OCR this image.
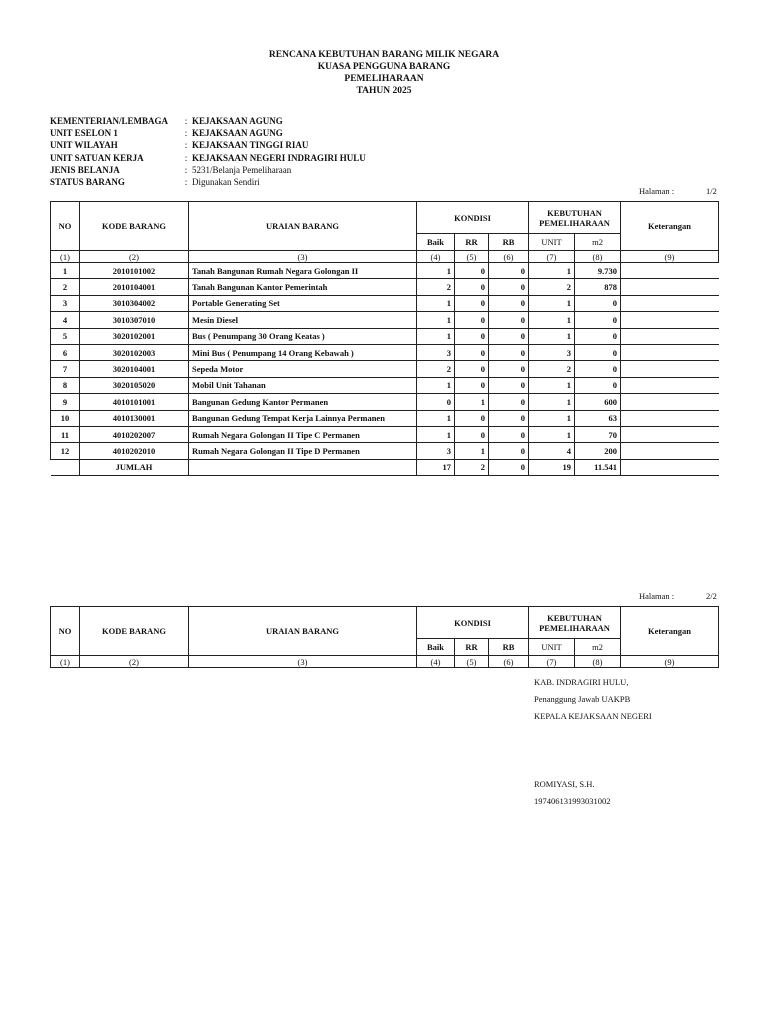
RENCANA KEBUTUHAN BARANG MILIK NEGARA
KUASA PENGGUNA BARANG
PEMELIHARAAN
TAHUN 2025
KEMENTERIAN/LEMBAGA	: KEJAKSAAN AGUNG
UNIT ESELON 1	: KEJAKSAAN AGUNG
UNIT WILAYAH	: KEJAKSAAN TINGGI RIAU
UNIT SATUAN KERJA	: KEJAKSAAN NEGERI INDRAGIRI HULU
JENIS BELANJA	: 5231/Belanja Pemeliharaan
STATUS BARANG	: Digunakan Sendiri
Halaman :	1/2
NO	KODE BARANG	URAIAN BARANG	KONDISI			KEBUTUHAN
PEMELIHARAAN		Keterangan
			Baik	RR	RB	UNIT	m2	
(1)	(2)	(3)	(4)	(5)	(6)	(7)	(8)	(9)
1	2010101002	Tanah Bangunan Rumah Negara Golongan II	1	0	0	1	9.730	
2	2010104001	Tanah Bangunan Kantor Pemerintah	2	0	0	2	878	
3	3010304002	Portable Generating Set	1	0	0	1	0	
4	3010307010	Mesin Diesel	1	0	0	1	0	
5	3020102001	Bus ( Penumpang 30 Orang Keatas )	1	0	0	1	0	
6	3020102003	Mini Bus ( Penumpang 14 Orang Kebawah )	3	0	0	3	0	
7	3020104001	Sepeda Motor	2	0	0	2	0	
8	3020105020	Mobil Unit Tahanan	1	0	0	1	0	
9	4010101001	Bangunan Gedung Kantor Permanen	0	1	0	1	600	
10	4010130001	Bangunan Gedung Tempat Kerja Lainnya Permanen	1	0	0	1	63	
11	4010202007	Rumah Negara Golongan II Tipe C Permanen	1	0	0	1	70	
12	4010202010	Rumah Negara Golongan II Tipe D Permanen	3	1	0	4	200	
	JUMLAH		17	2	0	19	11.541	
Halaman :	2/2
NO	KODE BARANG	URAIAN BARANG	KONDISI			KEBUTUHAN
PEMELIHARAAN		Keterangan
			Baik	RR	RB	UNIT	m2	
(1)	(2)	(3)	(4)	(5)	(6)	(7)	(8)	(9)
KAB. INDRAGIRI HULU,
Penanggung Jawab UAKPB
KEPALA KEJAKSAAN NEGERI
ROMIYASI, S.H.
197406131993031002
